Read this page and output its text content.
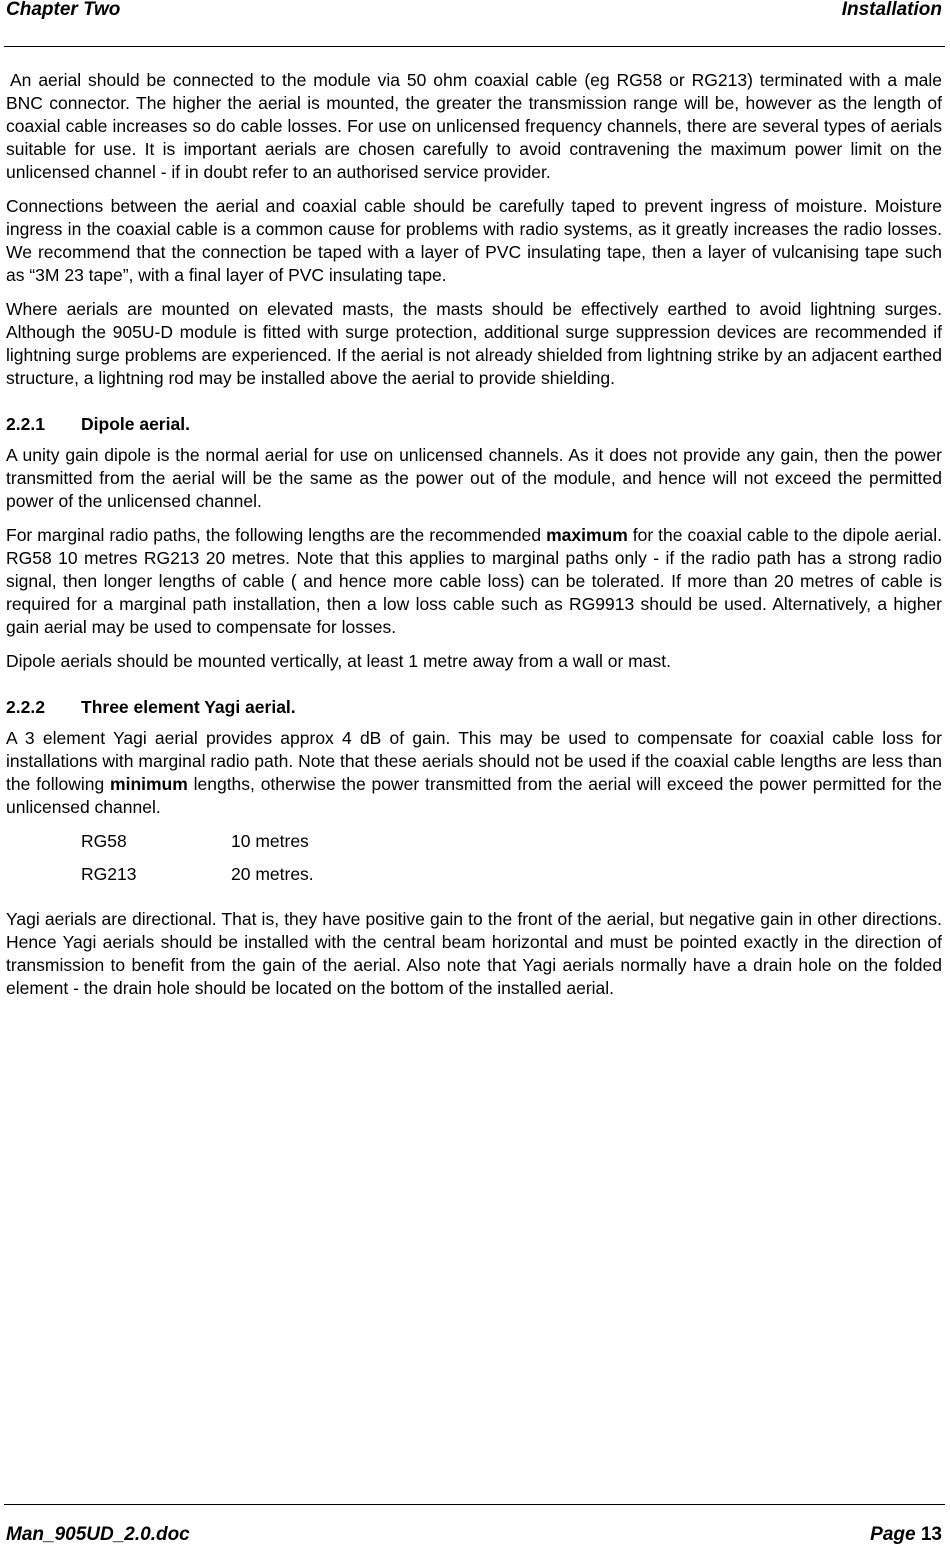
Chapter Two	Installation

An aerial should be connected to the module via 50 ohm coaxial cable (eg RG58 or RG213) terminated with a male BNC connector. The higher the aerial is mounted, the greater the transmission range will be, however as the length of coaxial cable increases so do cable losses. For use on unlicensed frequency channels, there are several types of aerials suitable for use. It is important aerials are chosen carefully to avoid contravening the maximum power limit on the unlicensed channel - if in doubt refer to an authorised service provider.

Connections between the aerial and coaxial cable should be carefully taped to prevent ingress of moisture. Moisture ingress in the coaxial cable is a common cause for problems with radio systems, as it greatly increases the radio losses. We recommend that the connection be taped with a layer of PVC insulating tape, then a layer of vulcanising tape such as “3M 23 tape”, with a final layer of PVC insulating tape.

Where aerials are mounted on elevated masts, the masts should be effectively earthed to avoid lightning surges. Although the 905U-D module is fitted with surge protection, additional surge suppression devices are recommended if lightning surge problems are experienced. If the aerial is not already shielded from lightning strike by an adjacent earthed structure, a lightning rod may be installed above the aerial to provide shielding.

2.2.1	Dipole aerial.

A unity gain dipole is the normal aerial for use on unlicensed channels. As it does not provide any gain, then the power transmitted from the aerial will be the same as the power out of the module, and hence will not exceed the permitted power of the unlicensed channel.

For marginal radio paths, the following lengths are the recommended maximum for the coaxial cable to the dipole aerial. RG58 10 metres RG213 20 metres. Note that this applies to marginal paths only - if the radio path has a strong radio signal, then longer lengths of cable ( and hence more cable loss) can be tolerated. If more than 20 metres of cable is required for a marginal path installation, then a low loss cable such as RG9913 should be used. Alternatively, a higher gain aerial may be used to compensate for losses.

Dipole aerials should be mounted vertically, at least 1 metre away from a wall or mast.

2.2.2	Three element Yagi aerial.

A 3 element Yagi aerial provides approx 4 dB of gain. This may be used to compensate for coaxial cable loss for installations with marginal radio path. Note that these aerials should not be used if the coaxial cable lengths are less than the following minimum lengths, otherwise the power transmitted from the aerial will exceed the power permitted for the unlicensed channel.

RG58	10 metres
RG213	20 metres.

Yagi aerials are directional. That is, they have positive gain to the front of the aerial, but negative gain in other directions. Hence Yagi aerials should be installed with the central beam horizontal and must be pointed exactly in the direction of transmission to benefit from the gain of the aerial. Also note that Yagi aerials normally have a drain hole on the folded element - the drain hole should be located on the bottom of the installed aerial.

Man_905UD_2.0.doc	Page 13
